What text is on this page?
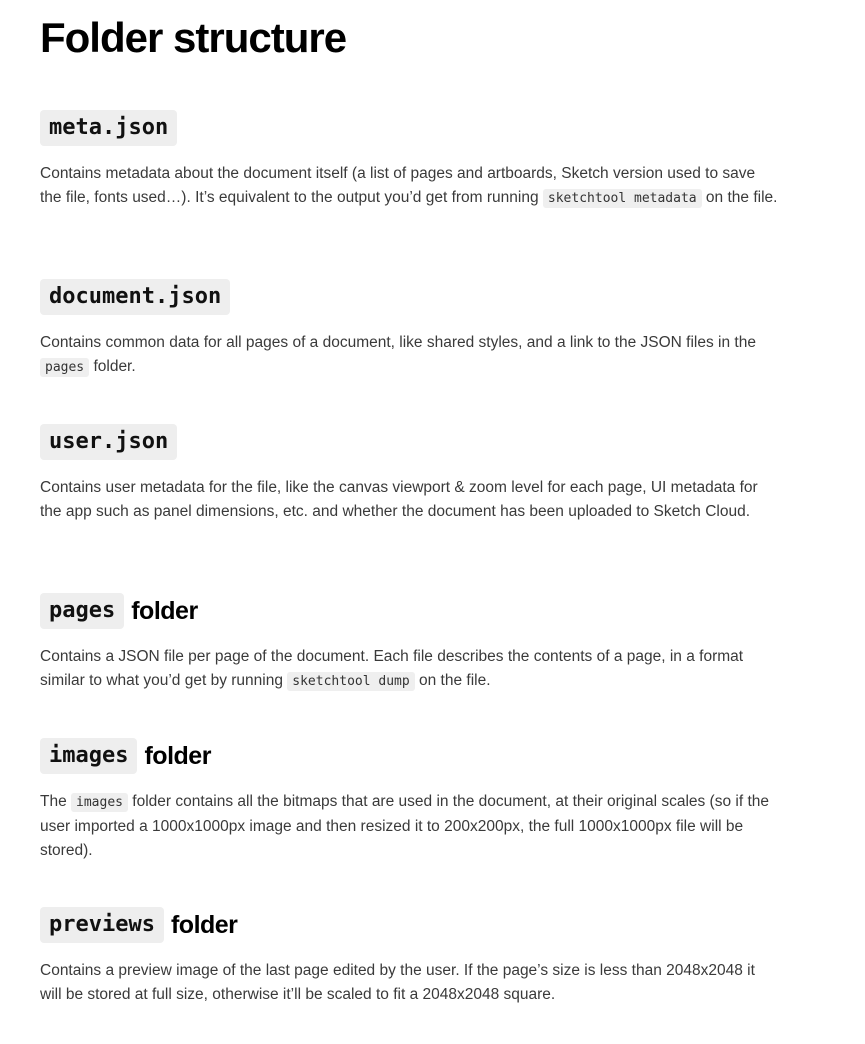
Folder structure
meta.json

Contains metadata about the document itself (a list of pages and artboards, Sketch version used to save the file, fonts used…). It’s equivalent to the output you’d get from running sketchtool metadata on the file.

document.json

Contains common data for all pages of a document, like shared styles, and a link to the JSON files in the pages folder.

user.json

Contains user metadata for the file, like the canvas viewport & zoom level for each page, UI metadata for the app such as panel dimensions, etc. and whether the document has been uploaded to Sketch Cloud.

pages folder

Contains a JSON file per page of the document. Each file describes the contents of a page, in a format similar to what you’d get by running sketchtool dump on the file.

images folder

The images folder contains all the bitmaps that are used in the document, at their original scales (so if the user imported a 1000x1000px image and then resized it to 200x200px, the full 1000x1000px file will be stored).

previews folder

Contains a preview image of the last page edited by the user. If the page’s size is less than 2048x2048 it will be stored at full size, otherwise it’ll be scaled to fit a 2048x2048 square.
